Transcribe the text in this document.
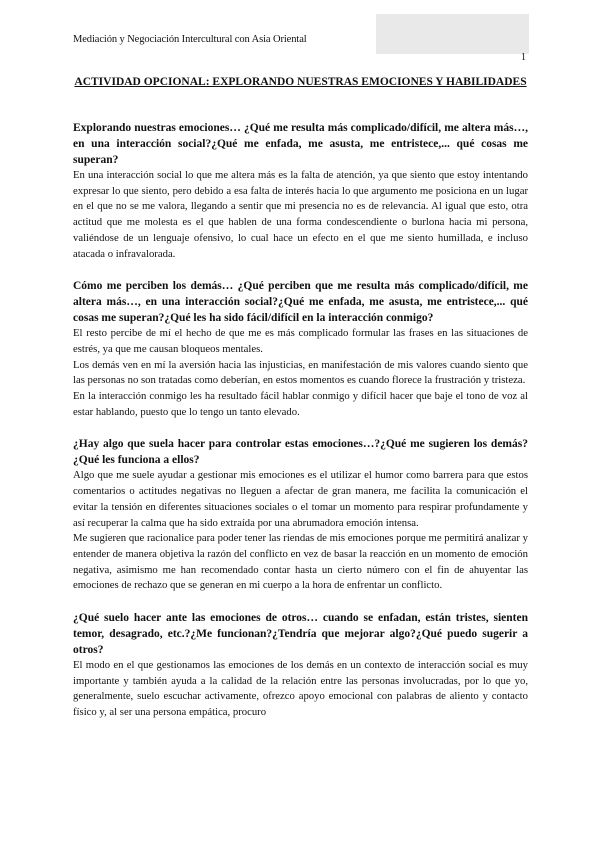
Mediación y Negociación Intercultural con Asia Oriental
1
ACTIVIDAD OPCIONAL: EXPLORANDO NUESTRAS EMOCIONES Y HABILIDADES

Explorando nuestras emociones… ¿Qué me resulta más complicado/difícil, me altera más…, en una interacción social?¿Qué me enfada, me asusta, me entristece,... qué cosas me superan?

En una interacción social lo que me altera más es la falta de atención, ya que siento que estoy intentando expresar lo que siento, pero debido a esa falta de interés hacia lo que argumento me posiciona en un lugar en el que no se me valora, llegando a sentir que mi presencia no es de relevancia. Al igual que esto, otra actitud que me molesta es el que hablen de una forma condescendiente o burlona hacia mi persona, valiéndose de un lenguaje ofensivo, lo cual hace un efecto en el que me siento humillada, e incluso atacada o infravalorada.

Cómo me perciben los demás… ¿Qué perciben que me resulta más complicado/difícil, me altera más…, en una interacción social?¿Qué me enfada, me asusta, me entristece,... qué cosas me superan?¿Qué les ha sido fácil/difícil en la interacción conmigo?

El resto percibe de mí el hecho de que me es más complicado formular las frases en las situaciones de estrés, ya que me causan bloqueos mentales.

Los demás ven en mí la aversión hacia las injusticias, en manifestación de mis valores cuando siento que las personas no son tratadas como deberían, en estos momentos es cuando florece la frustración y tristeza.

En la interacción conmigo les ha resultado fácil hablar conmigo y difícil hacer que baje el tono de voz al estar hablando, puesto que lo tengo un tanto elevado.

¿Hay algo que suela hacer para controlar estas emociones…?¿Qué me sugieren los demás?¿Qué les funciona a ellos?

Algo que me suele ayudar a gestionar mis emociones es el utilizar el humor como barrera para que estos comentarios o actitudes negativas no lleguen a afectar de gran manera, me facilita la comunicación el evitar la tensión en diferentes situaciones sociales o el tomar un momento para respirar profundamente y así recuperar la calma que ha sido extraída por una abrumadora emoción intensa.

Me sugieren que racionalice para poder tener las riendas de mis emociones porque me permitirá analizar y entender de manera objetiva la razón del conflicto en vez de basar la reacción en un momento de emoción negativa, asimismo me han recomendado contar hasta un cierto número con el fin de ahuyentar las emociones de rechazo que se generan en mi cuerpo a la hora de enfrentar un conflicto.

¿Qué suelo hacer ante las emociones de otros… cuando se enfadan, están tristes, sienten temor, desagrado, etc.?¿Me funcionan?¿Tendría que mejorar algo?¿Qué puedo sugerir a otros?

El modo en el que gestionamos las emociones de los demás en un contexto de interacción social es muy importante y también ayuda a la calidad de la relación entre las personas involucradas, por lo que yo, generalmente, suelo escuchar activamente, ofrezco apoyo emocional con palabras de aliento y contacto físico y, al ser una persona empática, procuro
